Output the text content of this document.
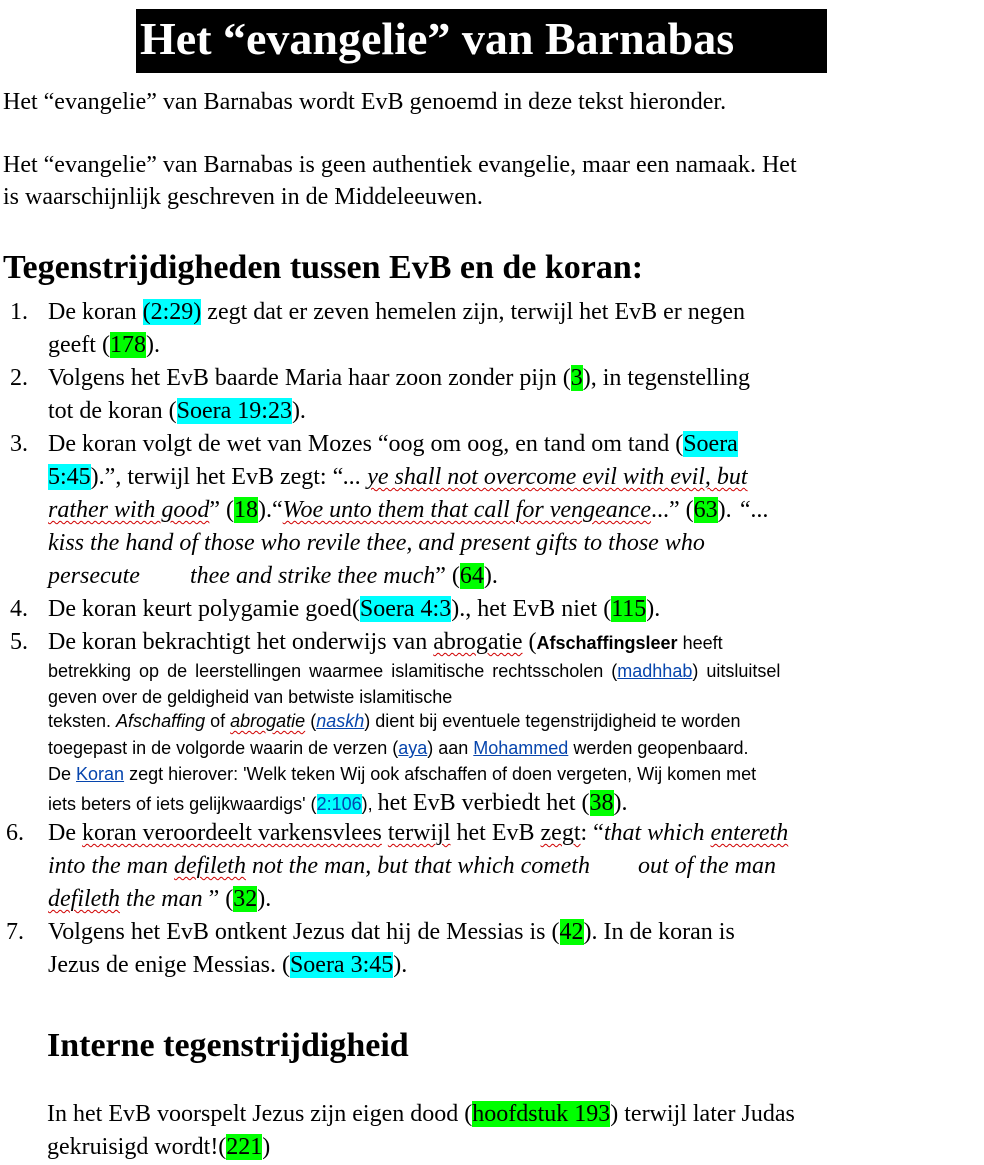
Het “evangelie” van Barnabas
Het “evangelie” van Barnabas wordt EvB genoemd in deze tekst hieronder.
Het “evangelie” van Barnabas is geen authentiek evangelie, maar een namaak. Het
is waarschijnlijk geschreven in de Middeleeuwen.
Tegenstrijdigheden tussen EvB en de koran:
1. De koran (2:29) zegt dat er zeven hemelen zijn, terwijl het EvB er negen
geeft (178).
2. Volgens het EvB baarde Maria haar zoon zonder pijn (3), in tegenstelling
tot de koran (Soera 19:23).
3. De koran volgt de wet van Mozes “oog om oog, en tand om tand (Soera
5:45).”, terwijl het EvB zegt: “... ye shall not overcome evil with evil, but
rather with good” (18).“Woe unto them that call for vengeance...” (63). “...
kiss the hand of those who revile thee, and present gifts to those who
persecute thee and strike thee much” (64).
4. De koran keurt polygamie goed(Soera 4:3)., het EvB niet (115).
5. De koran bekrachtigt het onderwijs van abrogatie (Afschaffingsleer heeft
betrekking op de leerstellingen waarmee islamitische rechtsscholen (madhhab) uitsluitsel
geven over de geldigheid van betwiste islamitische
teksten. Afschaffing of abrogatie (naskh) dient bij eventuele tegenstrijdigheid te worden
toegepast in de volgorde waarin de verzen (aya) aan Mohammed werden geopenbaard.
De Koran zegt hierover: 'Welk teken Wij ook afschaffen of doen vergeten, Wij komen met
iets beters of iets gelijkwaardigs' (2:106), het EvB verbiedt het (38).
6. De koran veroordeelt varkensvlees terwijl het EvB zegt: “that which entereth
into the man defileth not the man, but that which cometh out of the man
defileth the man ” (32).
7. Volgens het EvB ontkent Jezus dat hij de Messias is (42). In de koran is
Jezus de enige Messias. (Soera 3:45).
Interne tegenstrijdigheid
In het EvB voorspelt Jezus zijn eigen dood (hoofdstuk 193) terwijl later Judas
gekruisigd wordt!(221)
